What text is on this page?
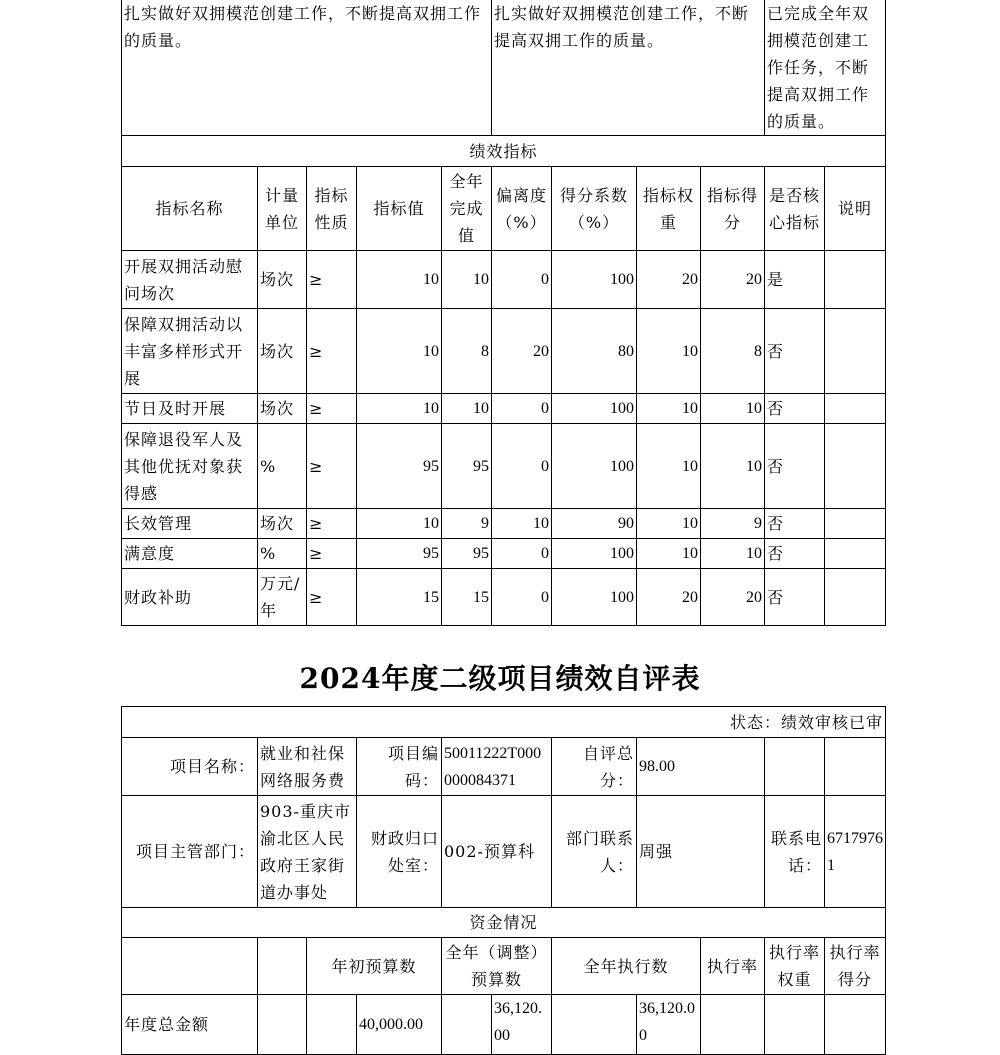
扎实做好双拥模范创建工作，不断提高双拥工作的质量。					扎实做好双拥模范创建工作，不断提高双拥工作的质量。				已完成全年双拥模范创建工作任务，不断提高双拥工作的质量。	
绩效指标										
指标名称	计量单位	指标性质	指标值	全年完成值	偏离度（%）	得分系数（%）	指标权重	指标得分	是否核心指标	说明
开展双拥活动慰问场次	场次	≥	10	10	0	100	20	20	是	
保障双拥活动以丰富多样形式开展	场次	≥	10	8	20	80	10	8	否	
节日及时开展	场次	≥	10	10	0	100	10	10	否	
保障退役军人及其他优抚对象获得感	%	≥	95	95	0	100	10	10	否	
长效管理	场次	≥	10	9	10	90	10	9	否	
满意度	%	≥	95	95	0	100	10	10	否	
财政补助	万元/年	≥	15	15	0	100	20	20	否	
2024年度二级项目绩效自评表
状态：绩效审核已审										
项目名称：	就业和社保网络服务费		项目编码：	50011222T000000084371		自评总分：	98.00			
项目主管部门：	903-重庆市渝北区人民政府王家街道办事处		财政归口处室：	002-预算科		部门联系人：	周强		联系电话：	67179761
资金情况										
		年初预算数		全年（调整）预算数		全年执行数		执行率	执行率权重	执行率得分
年度总金额			40,000.00		36,120.00		36,120.00			
